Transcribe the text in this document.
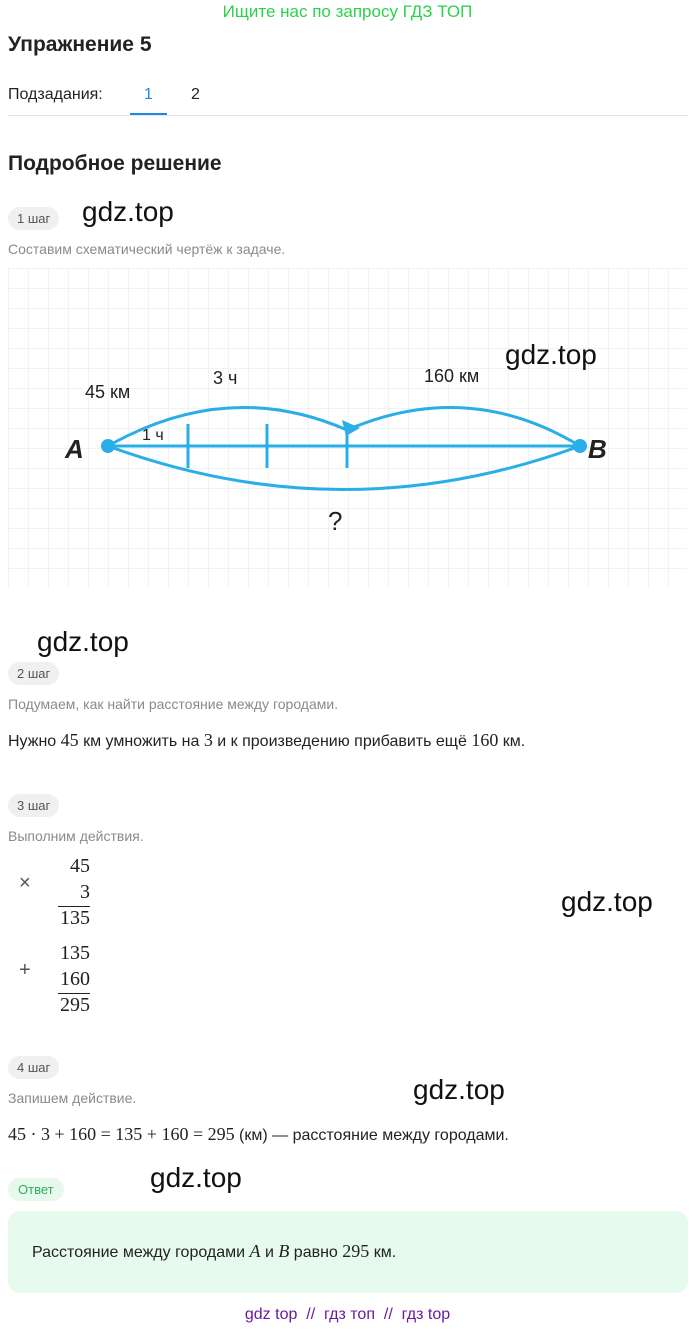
Ищите нас по запросу ГДЗ ТОП
Упражнение 5
Подзадания:	1	2
Подробное решение
1 шаг	gdz.top
Составим схематический чертёж к задаче.
A	B
45 км
3 ч
1 ч
160 км
?
gdz.top
gdz.top
2 шаг
Подумаем, как найти расстояние между городами.
Нужно 45 км умножить на 3 и к произведению прибавить ещё 160 км.
3 шаг
Выполним действия.
×
45
3
135
gdz.top
+
135
160
295
4 шаг
gdz.top
Запишем действие.
45 · 3 + 160 = 135 + 160 = 295 (км) — расстояние между городами.
Ответ	gdz.top
Расстояние между городами A и B равно 295 км.
gdz top  //  гдз топ  //  гдз top
